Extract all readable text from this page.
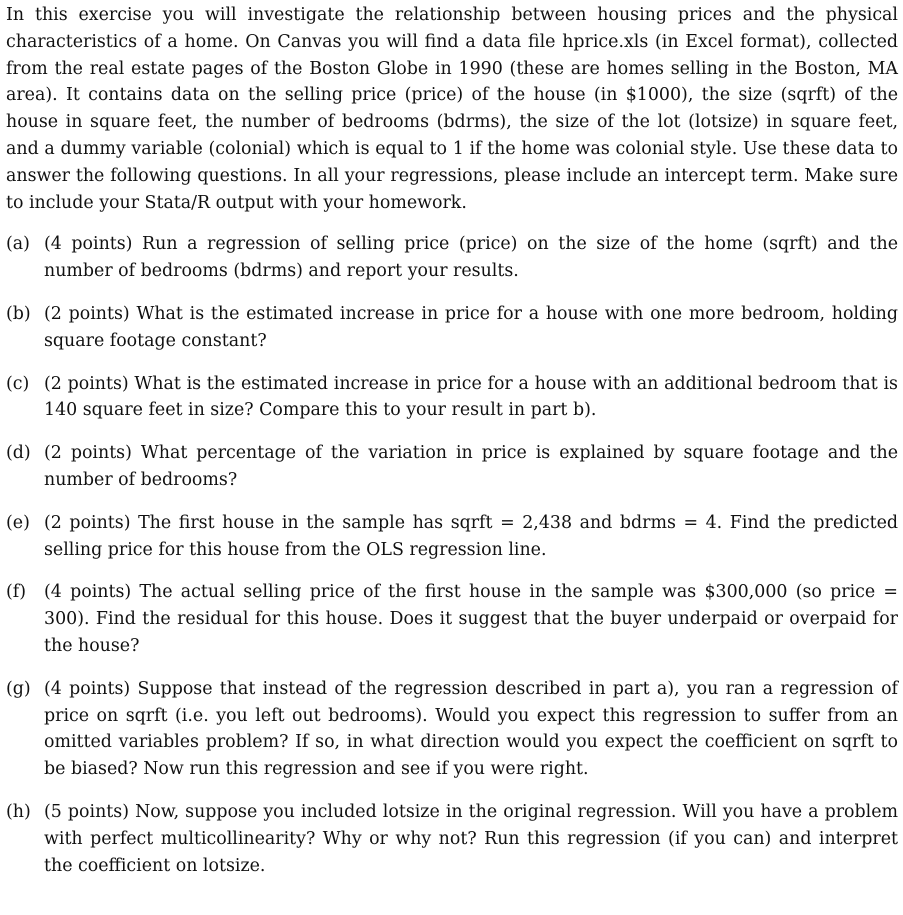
In this exercise you will investigate the relationship between housing prices and the physical characteristics of a home. On Canvas you will find a data file hprice.xls (in Excel format), collected from the real estate pages of the Boston Globe in 1990 (these are homes selling in the Boston, MA area). It contains data on the selling price (price) of the house (in $1000), the size (sqrft) of the house in square feet, the number of bedrooms (bdrms), the size of the lot (lotsize) in square feet, and a dummy variable (colonial) which is equal to 1 if the home was colonial style. Use these data to answer the following questions. In all your regressions, please include an intercept term. Make sure to include your Stata/R output with your homework.

(a) (4 points) Run a regression of selling price (price) on the size of the home (sqrft) and the number of bedrooms (bdrms) and report your results.
(b) (2 points) What is the estimated increase in price for a house with one more bedroom, holding square footage constant?
(c) (2 points) What is the estimated increase in price for a house with an additional bedroom that is 140 square feet in size? Compare this to your result in part b).
(d) (2 points) What percentage of the variation in price is explained by square footage and the number of bedrooms?
(e) (2 points) The first house in the sample has sqrft = 2,438 and bdrms = 4. Find the predicted selling price for this house from the OLS regression line.
(f)	(4 points) The actual selling price of the first house in the sample was $300,000 (so price = 300). Find the residual for this house. Does it suggest that the buyer underpaid or overpaid for the house?
(g) (4 points) Suppose that instead of the regression described in part a), you ran a regression of price on sqrft (i.e. you left out bedrooms). Would you expect this regression to suffer from an omitted variables problem? If so, in what direction would you expect the coefficient on sqrft to be biased? Now run this regression and see if you were right.
(h) (5 points) Now, suppose you included lotsize in the original regression. Will you have a problem with perfect multicollinearity? Why or why not? Run this regression (if you can) and interpret the coefficient on lotsize.
